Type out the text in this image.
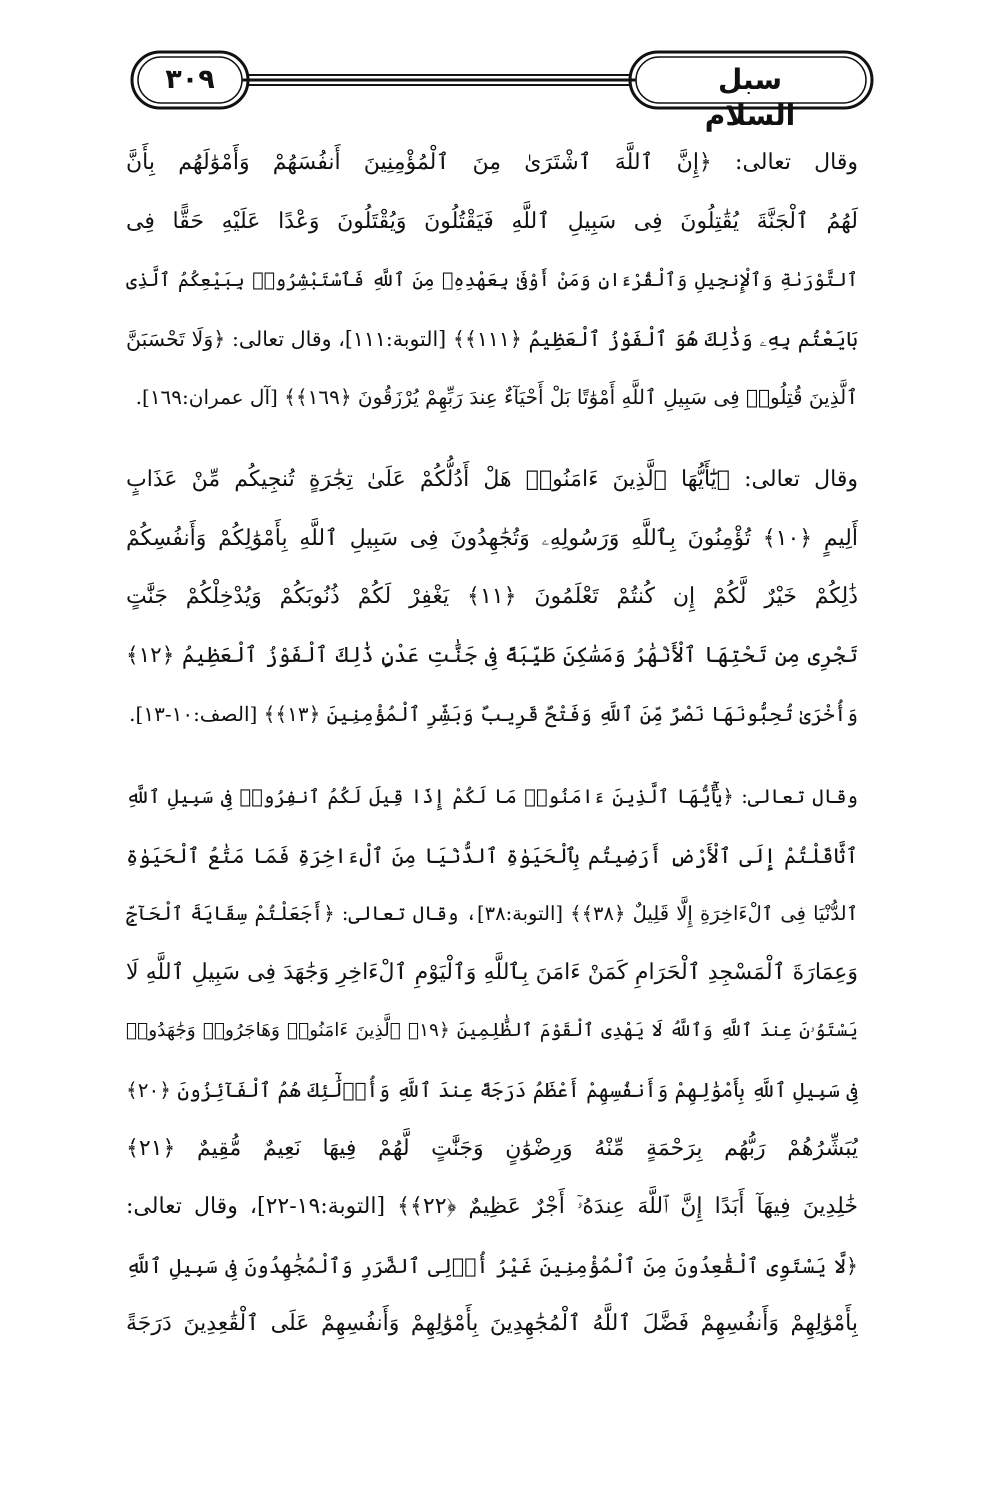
سبل السلام
٣٠٩
وقال تعالى: ﴿إِنَّ ٱللَّهَ ٱشْتَرَىٰ مِنَ ٱلْمُؤْمِنِينَ أَنفُسَهُمْ وَأَمْوَٰلَهُم بِأَنَّ
لَهُمُ ٱلْجَنَّةَ يُقَٰتِلُونَ فِى سَبِيلِ ٱللَّهِ فَيَقْتُلُونَ وَيُقْتَلُونَ وَعْدًا عَلَيْهِ حَقًّا فِى
ٱلتَّوْرَىٰةِ وَٱلْإِنجِيلِ وَٱلْقُرْءَانِ وَمَنْ أَوْفَىٰ بِعَهْدِهِۦ مِنَ ٱللَّهِ فَٱسْتَبْشِرُوا۟ بِبَيْعِكُمُ ٱلَّذِى
بَايَعْتُم بِهِۦ وَذَٰلِكَ هُوَ ٱلْفَوْزُ ٱلْعَظِيمُ ﴿١١١﴾﴾ [التوبة:١١١]، وقال تعالى: ﴿وَلَا تَحْسَبَنَّ
ٱلَّذِينَ قُتِلُوا۟ فِى سَبِيلِ ٱللَّهِ أَمْوَٰتًا بَلْ أَحْيَآءٌ عِندَ رَبِّهِمْ يُرْزَقُونَ ﴿١٦٩﴾﴾ [آل عمران:١٦٩].
وقال تعالى: ﴿يَٰٓأَيُّهَا ٱلَّذِينَ ءَامَنُوا۟ هَلْ أَدُلُّكُمْ عَلَىٰ تِجَٰرَةٍ تُنجِيكُم مِّنْ عَذَابٍ
أَلِيمٍ ﴿١٠﴾ تُؤْمِنُونَ بِٱللَّهِ وَرَسُولِهِۦ وَتُجَٰهِدُونَ فِى سَبِيلِ ٱللَّهِ بِأَمْوَٰلِكُمْ وَأَنفُسِكُمْ
ذَٰلِكُمْ خَيْرٌ لَّكُمْ إِن كُنتُمْ تَعْلَمُونَ ﴿١١﴾ يَغْفِرْ لَكُمْ ذُنُوبَكُمْ وَيُدْخِلْكُمْ جَنَّٰتٍ
تَجْرِى مِن تَحْتِهَا ٱلْأَنْهَٰرُ وَمَسَٰكِنَ طَيِّبَةً فِى جَنَّٰتِ عَدْنٍ ذَٰلِكَ ٱلْفَوْزُ ٱلْعَظِيمُ ﴿١٢﴾
وَأُخْرَىٰ تُحِبُّونَهَا نَصْرٌ مِّنَ ٱللَّهِ وَفَتْحٌ قَرِيبٌ وَبَشِّرِ ٱلْمُؤْمِنِينَ ﴿١٣﴾﴾ [الصف:١٠-١٣].
وقال تعالى: ﴿يَٰٓأَيُّهَا ٱلَّذِينَ ءَامَنُوا۟ مَا لَكُمْ إِذَا قِيلَ لَكُمُ ٱنفِرُوا۟ فِى سَبِيلِ ٱللَّهِ
ٱثَّاقَلْتُمْ إِلَى ٱلْأَرْضِ أَرَضِيتُم بِٱلْحَيَوٰةِ ٱلدُّنْيَا مِنَ ٱلْءَاخِرَةِ فَمَا مَتَٰعُ ٱلْحَيَوٰةِ
ٱلدُّنْيَا فِى ٱلْءَاخِرَةِ إِلَّا قَلِيلٌ ﴿٣٨﴾﴾ [التوبة:٣٨]، وقال تعالى: ﴿أَجَعَلْتُمْ سِقَايَةَ ٱلْحَآجِّ
وَعِمَارَةَ ٱلْمَسْجِدِ ٱلْحَرَامِ كَمَنْ ءَامَنَ بِٱللَّهِ وَٱلْيَوْمِ ٱلْءَاخِرِ وَجَٰهَدَ فِى سَبِيلِ ٱللَّهِ لَا
يَسْتَوُۥنَ عِندَ ٱللَّهِ وَٱللَّهُ لَا يَهْدِى ٱلْقَوْمَ ٱلظَّٰلِمِينَ ﴿١٩﴾ ٱلَّذِينَ ءَامَنُوا۟ وَهَاجَرُوا۟ وَجَٰهَدُوا۟
فِى سَبِيلِ ٱللَّهِ بِأَمْوَٰلِهِمْ وَأَنفُسِهِمْ أَعْظَمُ دَرَجَةً عِندَ ٱللَّهِ وَأُو۟لَٰٓئِكَ هُمُ ٱلْفَآئِزُونَ ﴿٢٠﴾
يُبَشِّرُهُمْ رَبُّهُم بِرَحْمَةٍ مِّنْهُ وَرِضْوَٰنٍ وَجَنَّٰتٍ لَّهُمْ فِيهَا نَعِيمٌ مُّقِيمٌ ﴿٢١﴾
خَٰلِدِينَ فِيهَآ أَبَدًا إِنَّ ٱللَّهَ عِندَهُۥٓ أَجْرٌ عَظِيمٌ ﴿٢٢﴾﴾ [التوبة:١٩-٢٢]، وقال تعالى:
﴿لَّا يَسْتَوِى ٱلْقَٰعِدُونَ مِنَ ٱلْمُؤْمِنِينَ غَيْرُ أُو۟لِى ٱلضَّرَرِ وَٱلْمُجَٰهِدُونَ فِى سَبِيلِ ٱللَّهِ
بِأَمْوَٰلِهِمْ وَأَنفُسِهِمْ فَضَّلَ ٱللَّهُ ٱلْمُجَٰهِدِينَ بِأَمْوَٰلِهِمْ وَأَنفُسِهِمْ عَلَى ٱلْقَٰعِدِينَ دَرَجَةً
